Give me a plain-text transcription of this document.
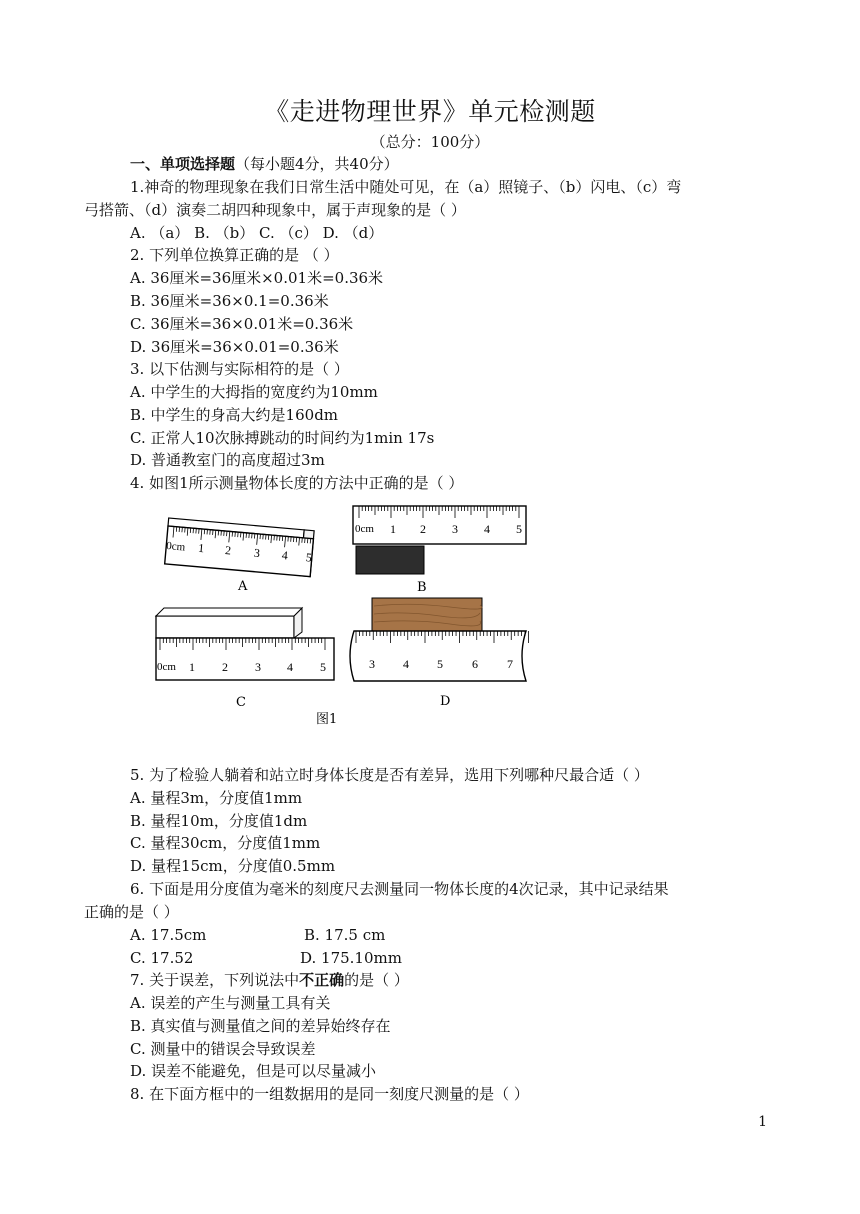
《走进物理世界》单元检测题
（总分：100分）
一、单项选择题（每小题4分，共40分）
1.神奇的物理现象在我们日常生活中随处可见，在（a）照镜子、（b）闪电、（c）弯
弓搭箭、（d）演奏二胡四种现象中，属于声现象的是（ ）
A. （a） B. （b） C. （c） D. （d）
2. 下列单位换算正确的是 （ ）
A. 36厘米=36厘米×0.01米=0.36米
B. 36厘米=36×0.1=0.36米
C. 36厘米=36×0.01米=0.36米
D. 36厘米=36×0.01=0.36米
3. 以下估测与实际相符的是（ ）
A. 中学生的大拇指的宽度约为10mm
B. 中学生的身高大约是160dm
C. 正常人10次脉搏跳动的时间约为1min 17s
D. 普通教室门的高度超过3m
4. 如图1所示测量物体长度的方法中正确的是（ ）
0cm 1 2 3 4 5
A
0cm 1 2 3 4 5
B
0cm 1 2 3 4 5
C
3 4 5 6 7
D
图1
5. 为了检验人躺着和站立时身体长度是否有差异，选用下列哪种尺最合适（ ）
A. 量程3m，分度值1mm
B. 量程10m，分度值1dm
C. 量程30cm，分度值1mm
D. 量程15cm，分度值0.5mm
6. 下面是用分度值为毫米的刻度尺去测量同一物体长度的4次记录，其中记录结果
正确的是（ ）
A. 17.5cm	B. 17.5 cm
C. 17.52	D. 175.10mm
7. 关于误差，下列说法中不正确的是（ ）
A. 误差的产生与测量工具有关
B. 真实值与测量值之间的差异始终存在
C. 测量中的错误会导致误差
D. 误差不能避免，但是可以尽量减小
8. 在下面方框中的一组数据用的是同一刻度尺测量的是（ ）
1
